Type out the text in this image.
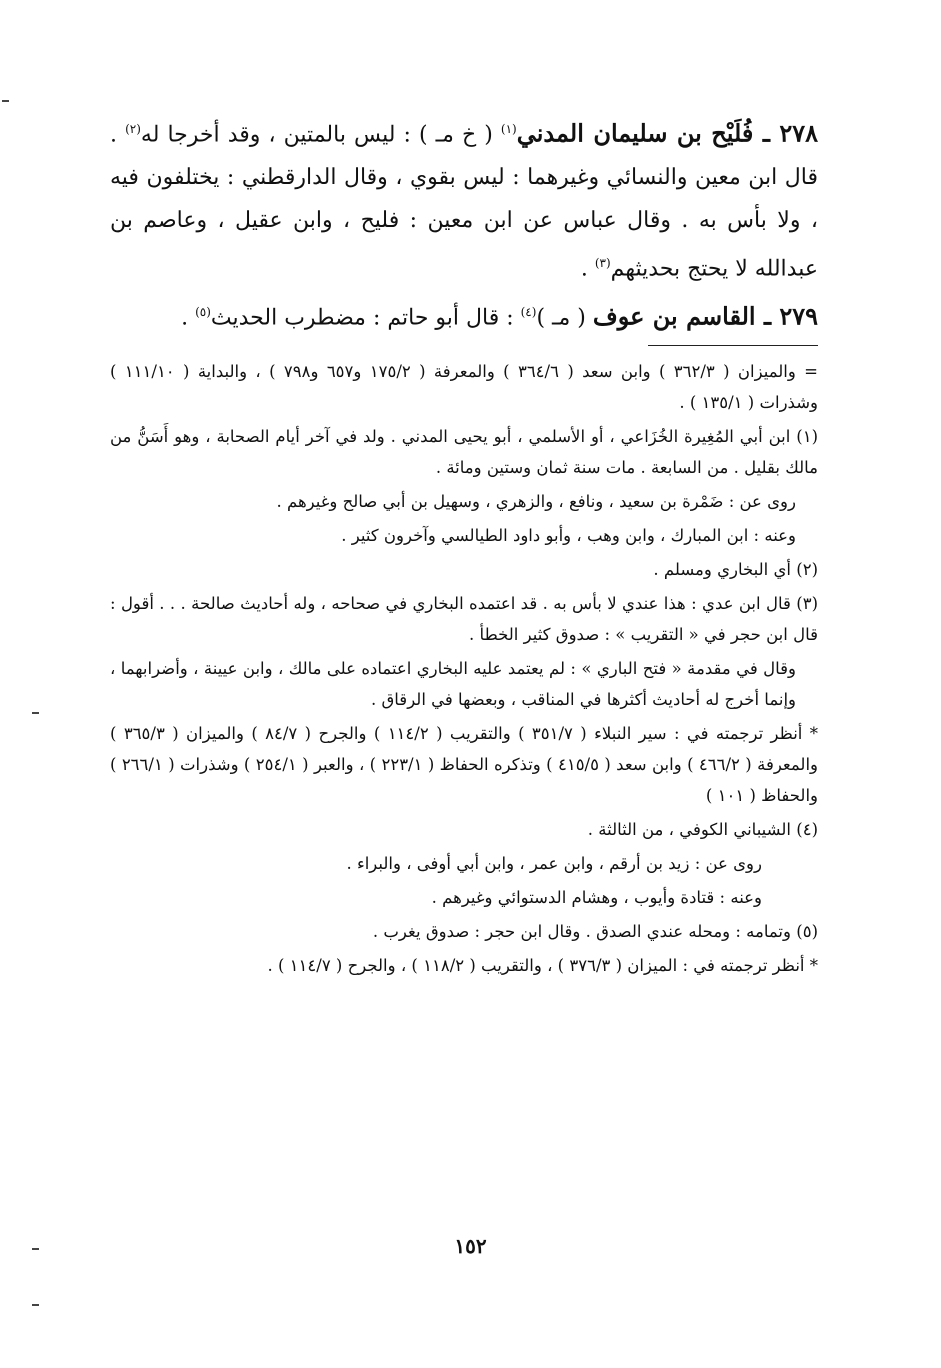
٢٧٨ ـ فُلَيْح بن سليمان المدني$^{(١)}$ ( خ مـ ) : ليس بالمتين ، وقد أخرجا له$^{(٢)}$ . قال ابن معين والنسائي وغيرهما : ليس بقوي ، وقال الدارقطني : يختلفون فيه ، ولا بأس به . وقال عباس عن ابن معين : فليح ، وابن عقيل ، وعاصم بن عبدالله لا يحتج بحديثهم$^{(٣)}$ .

٢٧٩ ـ القاسم بن عوف ( مـ )$^{(٤)}$ : قال أبو حاتم : مضطرب الحديث$^{(٥)}$ .

= والميزان ( ٣٦٢/٣ ) وابن سعد ( ٣٦٤/٦ ) والمعرفة ( ١٧٥/٢ و٦٥٧ و٧٩٨ ) ، والبداية ( ١١١/١٠ ) وشذرات ( ١٣٥/١ ) .

(١) ابن أبي المُغِيرة الخُزَاعي ، أو الأسلمي ، أبو يحيى المدني . ولد في آخر أيام الصحابة ، وهو أَسَنُّ من مالك بقليل . من السابعة . مات سنة ثمان وستين ومائة .

روى عن : ضَمْرة بن سعيد ، ونافع ، والزهري ، وسهيل بن أبي صالح وغيرهم .

وعنه : ابن المبارك ، وابن وهب ، وأبو داود الطيالسي وآخرون كثير .

(٢) أي البخاري ومسلم .

(٣) قال ابن عدي : هذا عندي لا بأس به . قد اعتمده البخاري في صحاحه ، وله أحاديث صالحة . . . أقول : قال ابن حجر في « التقريب » : صدوق كثير الخطأ .

وقال في مقدمة « فتح الباري » : لم يعتمد عليه البخاري اعتماده على مالك ، وابن عيينة ، وأضرابهما ، وإنما أخرج له أحاديث أكثرها في المناقب ، وبعضها في الرقاق .

* أنظر ترجمته في : سير النبلاء ( ٣٥١/٧ ) والتقريب ( ١١٤/٢ ) والجرح ( ٨٤/٧ ) والميزان ( ٣٦٥/٣ ) والمعرفة ( ٤٦٦/٢ ) وابن سعد ( ٤١٥/٥ ) وتذكره الحفاظ ( ٢٢٣/١ ) ، والعبر ( ٢٥٤/١ ) وشذرات ( ٢٦٦/١ ) والحفاظ ( ١٠١ )

(٤) الشيباني الكوفي ، من الثالثة .

روى عن : زيد بن أرقم ، وابن عمر ، وابن أبي أوفى ، والبراء .

وعنه : قتادة وأيوب ، وهشام الدستوائي وغيرهم .

(٥) وتمامه : ومحله عندي الصدق . وقال ابن حجر : صدوق يغرب .

* أنظر ترجمته في : الميزان ( ٣٧٦/٣ ) ، والتقريب ( ١١٨/٢ ) ، والجرح ( ١١٤/٧ ) .

١٥٢
